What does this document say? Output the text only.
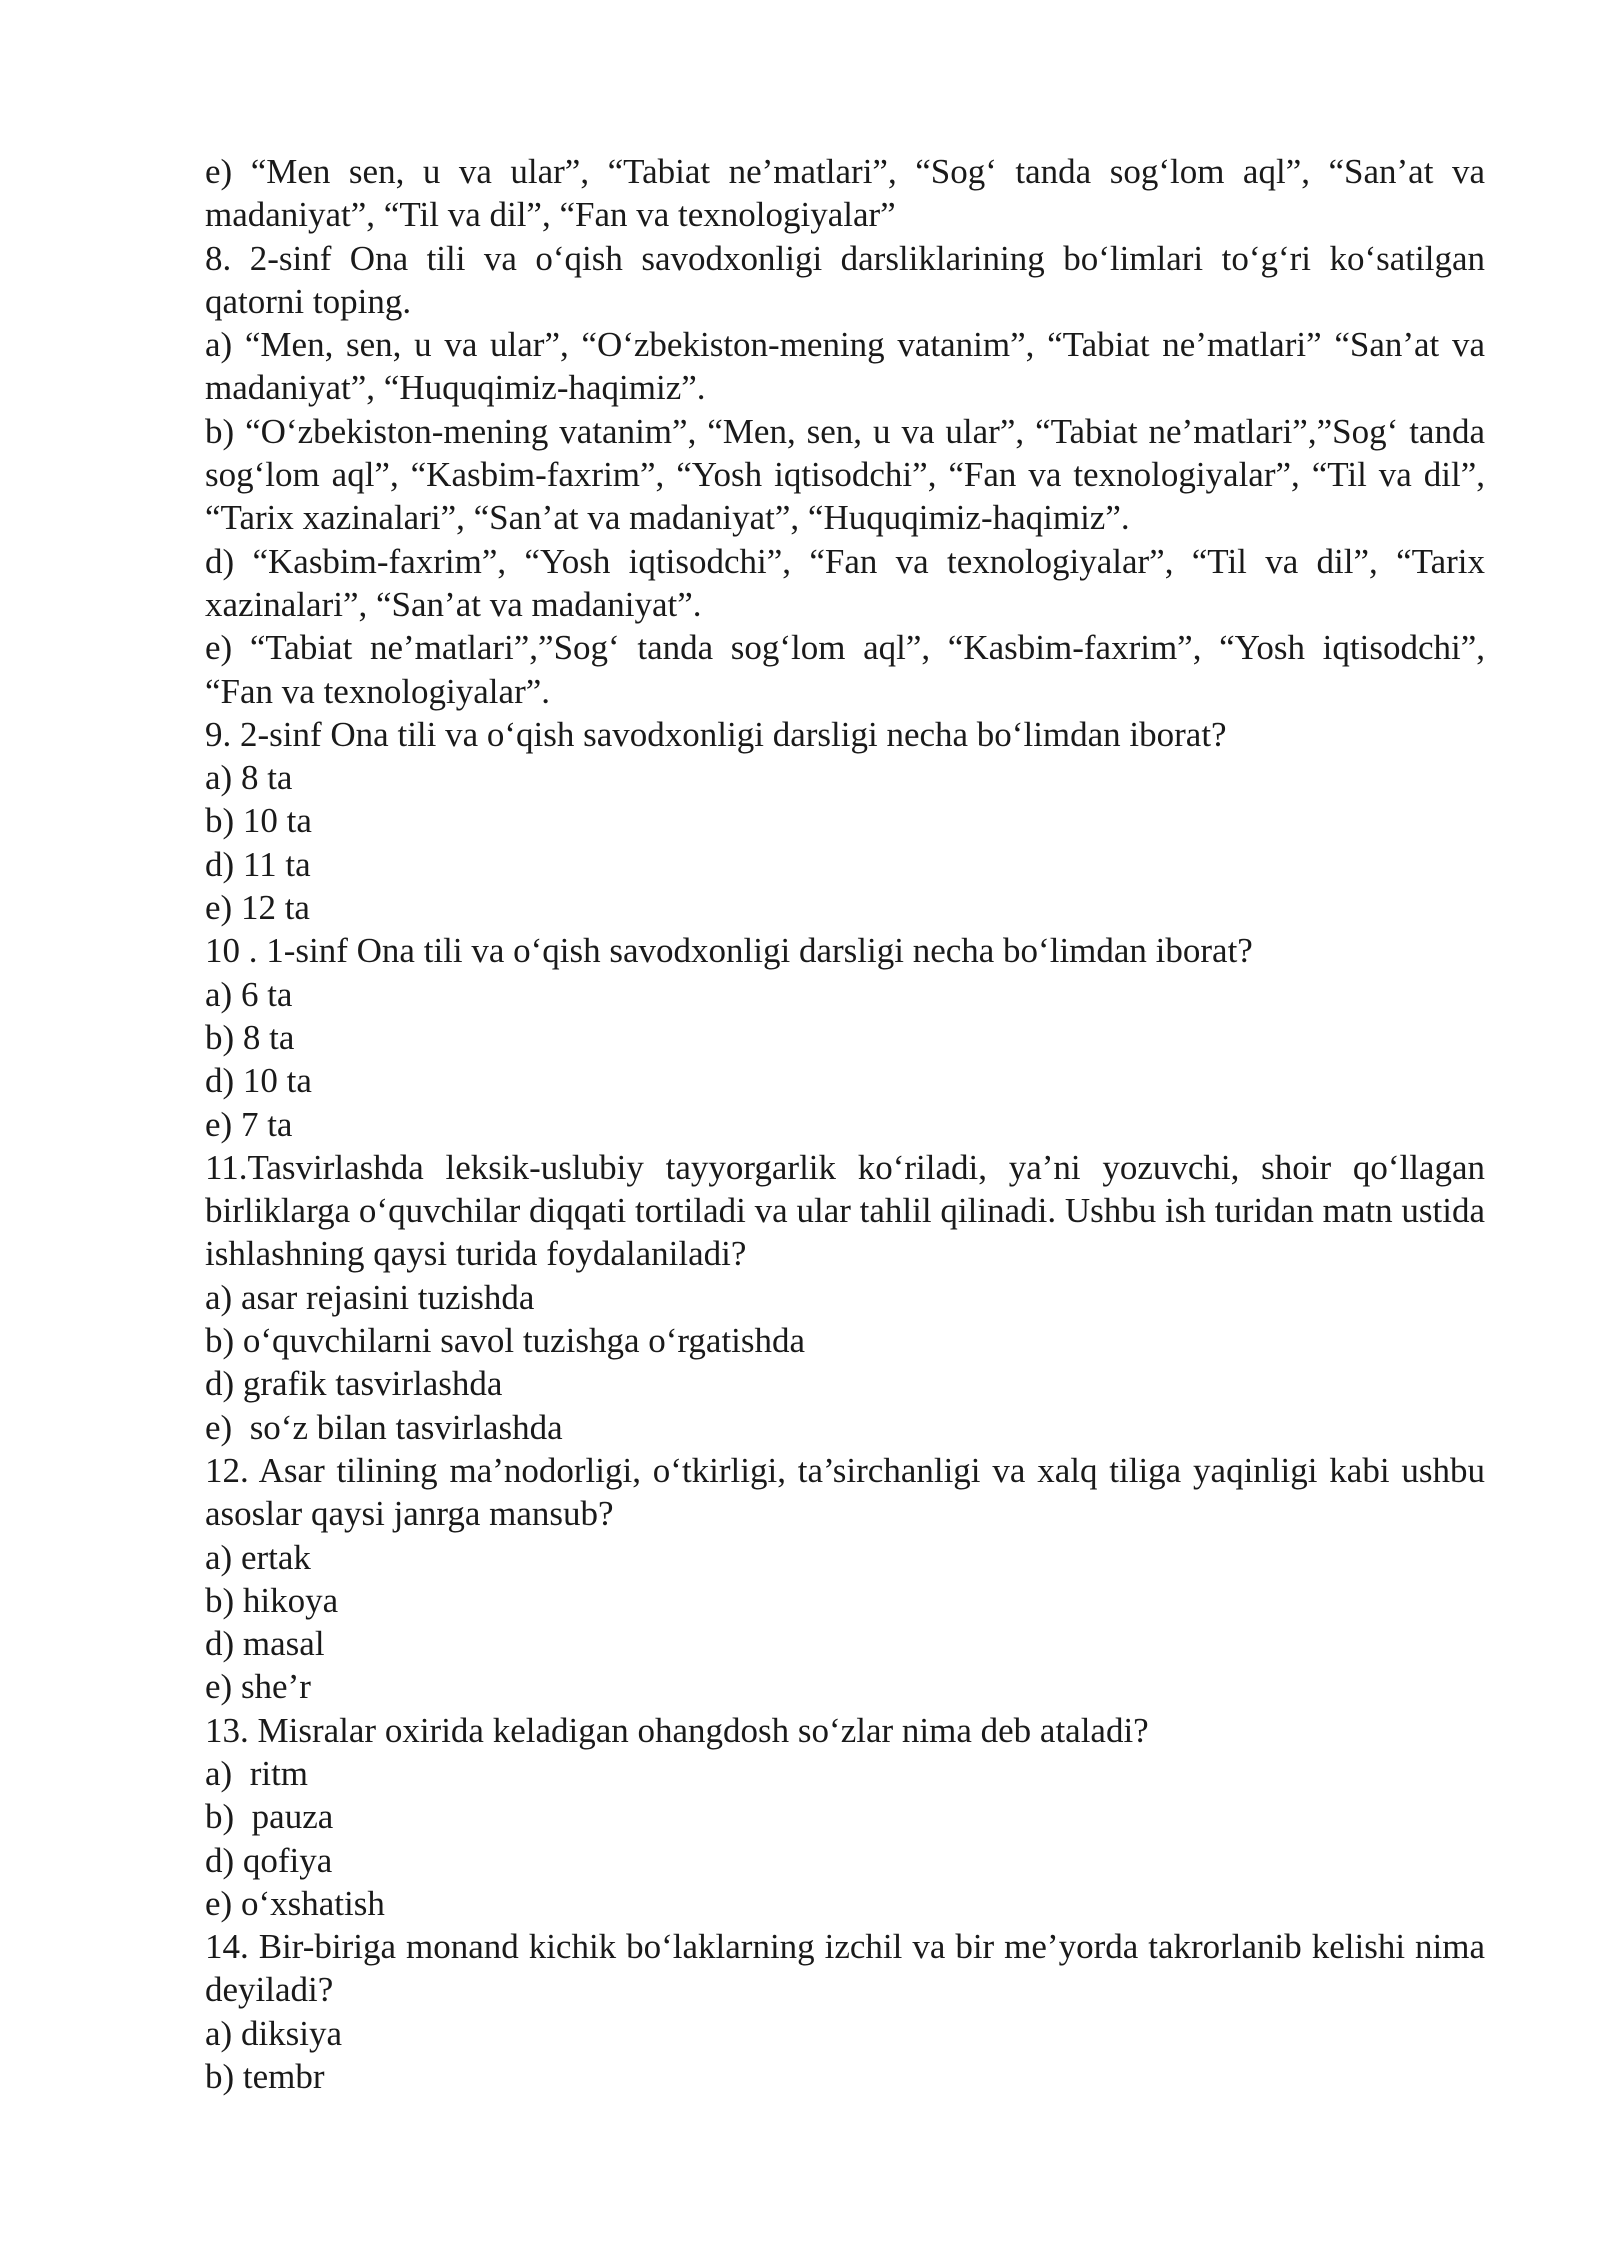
e) “Men sen, u va ular”, “Tabiat ne’matlari”, “Sog‘ tanda sog‘lom aql”, “San’at va madaniyat”, “Til va dil”, “Fan va texnologiyalar”

8. 2-sinf Ona tili va o‘qish savodxonligi darsliklarining bo‘limlari to‘g‘ri ko‘satilgan qatorni toping.

a) “Men, sen, u va ular”, “O‘zbekiston-mening vatanim”, “Tabiat ne’matlari” “San’at va madaniyat”, “Huquqimiz-haqimiz”.

b) “O‘zbekiston-mening vatanim”, “Men, sen, u va ular”, “Tabiat ne’matlari”,”Sog‘ tanda sog‘lom aql”, “Kasbim-faxrim”, “Yosh iqtisodchi”, “Fan va texnologiyalar”, “Til va dil”, “Tarix xazinalari”, “San’at va madaniyat”, “Huquqimiz-haqimiz”.

d) “Kasbim-faxrim”, “Yosh iqtisodchi”, “Fan va texnologiyalar”, “Til va dil”, “Tarix xazinalari”, “San’at va madaniyat”.

e) “Tabiat ne’matlari”,”Sog‘ tanda sog‘lom aql”, “Kasbim-faxrim”, “Yosh iqtisodchi”, “Fan va texnologiyalar”.

9. 2-sinf Ona tili va o‘qish savodxonligi darsligi necha bo‘limdan iborat?

a) 8 ta

b) 10 ta

d) 11 ta

e) 12 ta

10 . 1-sinf Ona tili va o‘qish savodxonligi darsligi necha bo‘limdan iborat?

a) 6 ta

b) 8 ta

d) 10 ta

e) 7 ta

11.Tasvirlashda leksik-uslubiy tayyorgarlik ko‘riladi, ya’ni yozuvchi, shoir qo‘llagan birliklarga o‘quvchilar diqqati tortiladi va ular tahlil qilinadi. Ushbu ish turidan matn ustida ishlashning qaysi turida foydalaniladi?

a) asar rejasini tuzishda

b) o‘quvchilarni savol tuzishga o‘rgatishda

d) grafik tasvirlashda

e)  so‘z bilan tasvirlashda

12. Asar tilining ma’nodorligi, o‘tkirligi, ta’sirchanligi va xalq tiliga yaqinligi kabi ushbu asoslar qaysi janrga mansub?

a) ertak

b) hikoya

d) masal

e) she’r

13. Misralar oxirida keladigan ohangdosh so‘zlar nima deb ataladi?

a)  ritm

b)  pauza

d) qofiya

e) o‘xshatish

14. Bir-biriga monand kichik bo‘laklarning izchil va bir me’yorda takrorlanib kelishi nima deyiladi?

a) diksiya

b) tembr
